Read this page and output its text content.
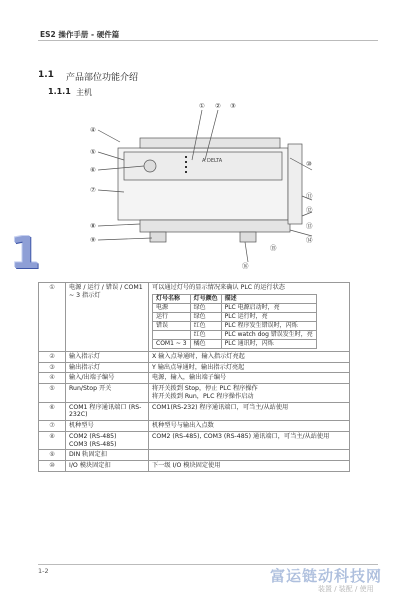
ES2 操作手册 - 硬件篇
1.1 产品部位功能介绍
1.1.1 主机
1
A DELTA
① ② ③
④
⑤
⑥
⑦
⑧
⑨
⑩
⑪
⑫
⑬
⑭
⑮
⑯
①	电源 / 运行 / 错误 / COM1 ~ 3 指示灯	
可以通过灯号的显示情况来确认 PLC 的运行状态
灯号名称	灯号颜色	描述
电源	绿色	PLC 电源启动时，亮
运行	绿色	PLC 运行时，亮
错误	红色	PLC 程序发生错误时，闪烁
	红色	PLC watch dog 错误发生时，亮
COM1 ~ 3	橘色	PLC 通讯时，闪烁

②	输入指示灯	X 输入点导通时，输入指示灯亮起
③	输出指示灯	Y 输出点导通时，输出指示灯亮起
④	输入/出端子编号	电源，输入，输出端子编号
⑤	Run/Stop 开关	将开关拨到 Stop，停止 PLC 程序操作
将开关拨到 Run，PLC 程序操作启动
⑥	COM1 程序通讯端口 (RS-232C)	COM1(RS-232) 程序通讯端口，可当主/从站使用
⑦	机种型号	机种型号与输出入点数
⑧	COM2 (RS-485)
COM3 (RS-485)	COM2 (RS-485), COM3 (RS-485) 通讯端口，可当主/从站使用
⑨	DIN 轨固定扣	
⑩	I/O 模块固定扣	下一级 I/O 模块固定使用
1-2	富运链动科技网
装置 / 装配 / 使用
